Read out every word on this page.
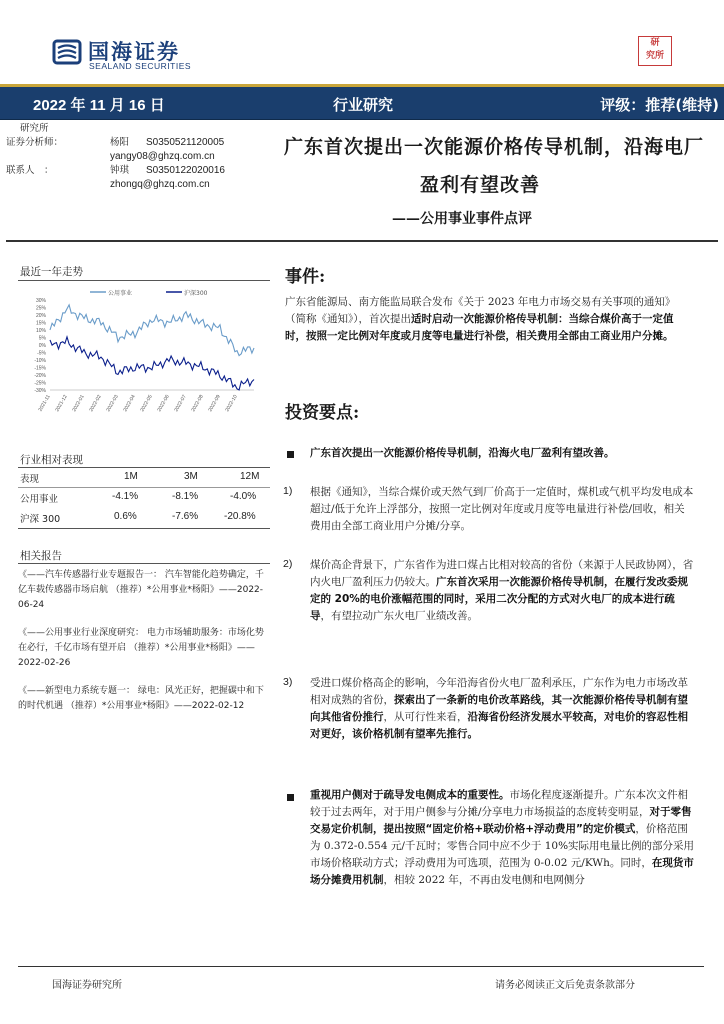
国海证券
SEALAND SECURITIES
研
究所
2022 年 11 月 16 日	行业研究	评级：推荐(维持)
研究所
证券分析师：	杨阳 S0350521120005
yangy08@ghzq.com.cn
联系人　：	钟琪 S0350122020016
zhongq@ghzq.com.cn
广东首次提出一次能源价格传导机制，沿海电厂
盈利有望改善
——公用事业事件点评
最近一年走势
30%
25%
20%
15%
10%
5%
0%
-5%
-10%
-15%
-20%
-25%
-30%
2021-11 2021-12 2022-01 2022-02 2022-03 2022-04 2022-05 2022-06 2022-07 2022-08 2022-09 2022-10
公用事业	沪深300
行业相对表现
表现	1M	3M	12M
公用事业	-4.1%	-8.1%	-4.0%
沪深 300	0.6%	-7.6%	-20.8%
相关报告
《——汽车传感器行业专题报告一： 汽车智能化趋势确定，千亿车载传感器市场启航 （推荐）*公用事业*杨阳》——2022-06-24
《——公用事业行业深度研究： 电力市场辅助服务：市场化势在必行，千亿市场有望开启 （推荐）*公用事业*杨阳》——2022-02-26
《——新型电力系统专题一： 绿电：风光正好，把握碳中和下的时代机遇 （推荐）*公用事业*杨阳》——2022-02-12
事件:
广东省能源局、南方能监局联合发布《关于 2023 年电力市场交易有关事项的通知》（简称《通知》），首次提出适时启动一次能源价格传导机制：当综合煤价高于一定值时，按照一定比例对年度或月度等电量进行补偿，相关费用全部由工商业用户分摊。
投资要点:
广东首次提出一次能源价格传导机制，沿海火电厂盈利有望改善。
1) 根据《通知》，当综合煤价或天然气到厂价高于一定值时，煤机或气机平均发电成本超过/低于允许上浮部分，按照一定比例对年度或月度等电量进行补偿/回收，相关费用由全部工商业用户分摊/分享。
2) 煤价高企背景下，广东省作为进口煤占比相对较高的省份（来源于人民政协网），省内火电厂盈利压力仍较大。广东首次采用一次能源价格传导机制，在履行发改委规定的 20%的电价涨幅范围的同时，采用二次分配的方式对火电厂的成本进行疏导，有望拉动广东火电厂业绩改善。
3) 受进口煤价格高企的影响，今年沿海省份火电厂盈利承压，广东作为电力市场改革相对成熟的省份，探索出了一条新的电价改革路线，其一次能源价格传导机制有望向其他省份推行，从可行性来看，沿海省份经济发展水平较高，对电价的容忍性相对更好，该价格机制有望率先推行。
重视用户侧对于疏导发电侧成本的重要性。市场化程度逐渐提升。广东本次文件相较于过去两年，对于用户侧参与分摊/分享电力市场损益的态度转变明显，对于零售交易定价机制，提出按照“固定价格+联动价格+浮动费用”的定价模式，价格范围为 0.372-0.554 元/千瓦时；零售合同中应不少于 10%实际用电量比例的部分采用市场价格联动方式；浮动费用为可选项，范围为 0-0.02 元/KWh。同时，在现货市场分摊费用机制，相较 2022 年，不再由发电侧和电网侧分
国海证券研究所	请务必阅读正文后免责条款部分
